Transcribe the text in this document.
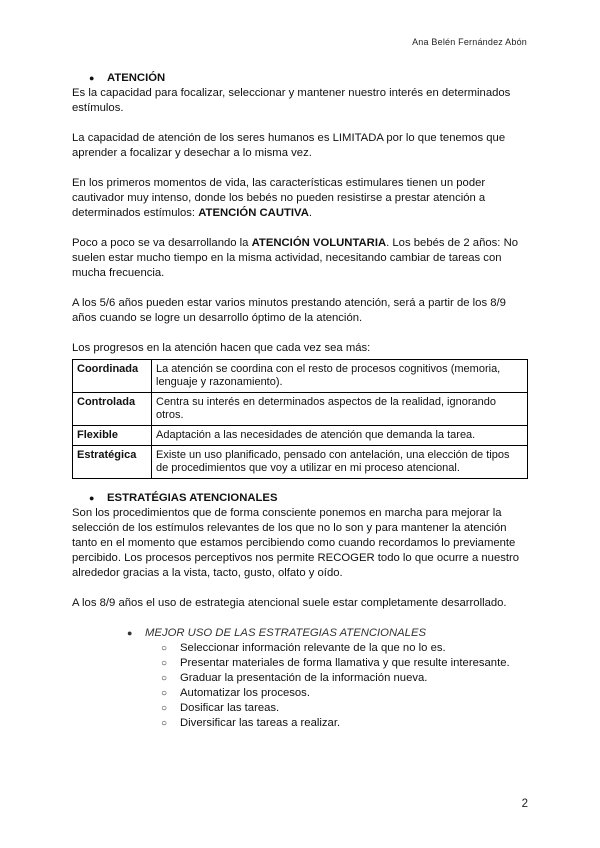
Ana Belén Fernández Abón
●	ATENCIÓN

Es la capacidad para focalizar, seleccionar y mantener nuestro interés en determinados estímulos.

La capacidad de atención de los seres humanos es LIMITADA por lo que tenemos que aprender a focalizar y desechar a lo misma vez.

En los primeros momentos de vida, las características estimulares tienen un poder cautivador muy intenso, donde los bebés no pueden resistirse a prestar atención a determinados estímulos: ATENCIÓN CAUTIVA.

Poco a poco se va desarrollando la ATENCIÓN VOLUNTARIA. Los bebés de 2 años: No suelen estar mucho tiempo en la misma actividad, necesitando cambiar de tareas con mucha frecuencia.

A los 5/6 años pueden estar varios minutos prestando atención, será a partir de los 8/9 años cuando se logre un desarrollo óptimo de la atención.

Los progresos en la atención hacen que cada vez sea más:

Coordinada	La atención se coordina con el resto de procesos cognitivos (memoria, lenguaje y razonamiento).
Controlada	Centra su interés en determinados aspectos de la realidad, ignorando otros.
Flexible	Adaptación a las necesidades de atención que demanda la tarea.
Estratégica	Existe un uso planificado, pensado con antelación, una elección de tipos de procedimientos que voy a utilizar en mi proceso atencional.
●	ESTRATÉGIAS ATENCIONALES

Son los procedimientos que de forma consciente ponemos en marcha para mejorar la selección de los estímulos relevantes de los que no lo son y para mantener la atención tanto en el momento que estamos percibiendo como cuando recordamos lo previamente percibido. Los procesos perceptivos nos permite RECOGER todo lo que ocurre a nuestro alrededor gracias a la vista, tacto, gusto, olfato y oído.

A los 8/9 años el uso de estrategia atencional suele estar completamente desarrollado.

●	MEJOR USO DE LAS ESTRATEGIAS ATENCIONALES
○	Seleccionar información relevante de la que no lo es.
○	Presentar materiales de forma llamativa y que resulte interesante.
○	Graduar la presentación de la información nueva.
○	Automatizar los procesos.
○	Dosificar las tareas.
○	Diversificar las tareas a realizar.
2
